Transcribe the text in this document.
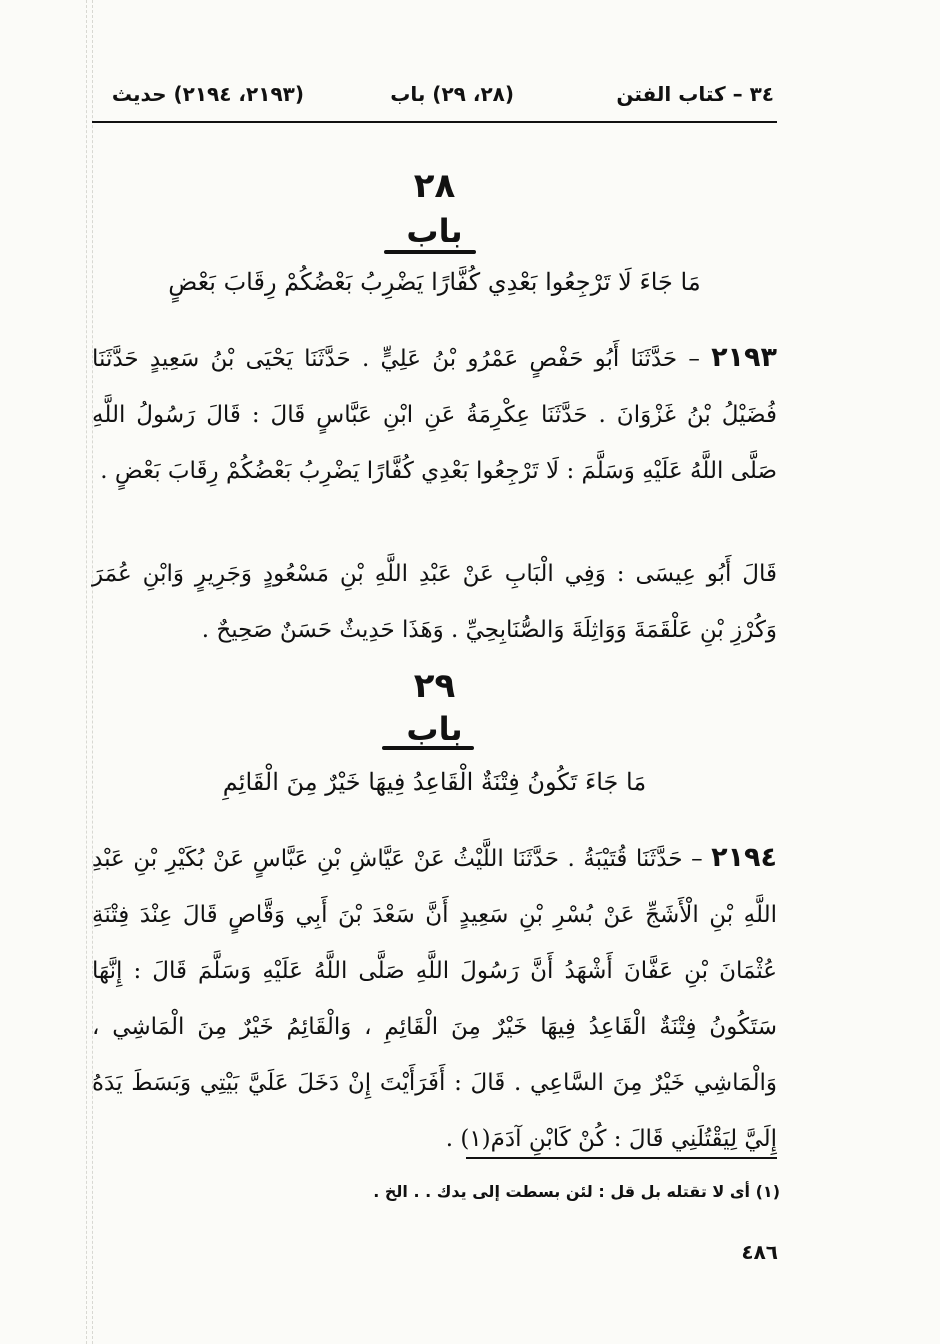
٣٤ – كتاب الفتن
(٢٨، ٢٩) باب
(٢١٩٣، ٢١٩٤) حديث
٢٨
باب
مَا جَاءَ لَا تَرْجِعُوا بَعْدِي كُفَّارًا يَضْرِبُ بَعْضُكُمْ رِقَابَ بَعْضٍ
٢١٩٣ – حَدَّثَنَا أَبُو حَفْصٍ عَمْرُو بْنُ عَلِيٍّ . حَدَّثَنَا يَحْيَى بْنُ سَعِيدٍ حَدَّثَنَا فُضَيْلُ بْنُ غَزْوَانَ . حَدَّثَنَا عِكْرِمَةُ عَنِ ابْنِ عَبَّاسٍ قَالَ : قَالَ رَسُولُ اللَّهِ صَلَّى اللَّهُ عَلَيْهِ وَسَلَّمَ : لَا تَرْجِعُوا بَعْدِي كُفَّارًا يَضْرِبُ بَعْضُكُمْ رِقَابَ بَعْضٍ .
قَالَ أَبُو عِيسَى : وَفِي الْبَابِ عَنْ عَبْدِ اللَّهِ بْنِ مَسْعُودٍ وَجَرِيرٍ وَابْنِ عُمَرَ وَكُرْزِ بْنِ عَلْقَمَةَ وَوَاثِلَةَ وَالصُّنَابِحِيِّ . وَهَذَا حَدِيثٌ حَسَنٌ صَحِيحٌ .
٢٩
باب
مَا جَاءَ تَكُونُ فِتْنَةٌ الْقَاعِدُ فِيهَا خَيْرٌ مِنَ الْقَائِمِ
٢١٩٤ – حَدَّثَنَا قُتَيْبَةُ . حَدَّثَنَا اللَّيْثُ عَنْ عَيَّاشِ بْنِ عَبَّاسٍ عَنْ بُكَيْرِ بْنِ عَبْدِ اللَّهِ بْنِ الْأَشَجِّ عَنْ بُسْرِ بْنِ سَعِيدٍ أَنَّ سَعْدَ بْنَ أَبِي وَقَّاصٍ قَالَ عِنْدَ فِتْنَةِ عُثْمَانَ بْنِ عَفَّانَ أَشْهَدُ أَنَّ رَسُولَ اللَّهِ صَلَّى اللَّهُ عَلَيْهِ وَسَلَّمَ قَالَ : إِنَّهَا سَتَكُونُ فِتْنَةٌ الْقَاعِدُ فِيهَا خَيْرٌ مِنَ الْقَائِمِ ، وَالْقَائِمُ خَيْرٌ مِنَ الْمَاشِي ، وَالْمَاشِي خَيْرٌ مِنَ السَّاعِي . قَالَ : أَفَرَأَيْتَ إِنْ دَخَلَ عَلَيَّ بَيْتِي وَبَسَطَ يَدَهُ إِلَيَّ لِيَقْتُلَنِي قَالَ : كُنْ كَابْنِ آدَمَ(١) .
(١) أى لا تقتله بل قل : لئن بسطت إلى يدك . . الخ .
٤٨٦
